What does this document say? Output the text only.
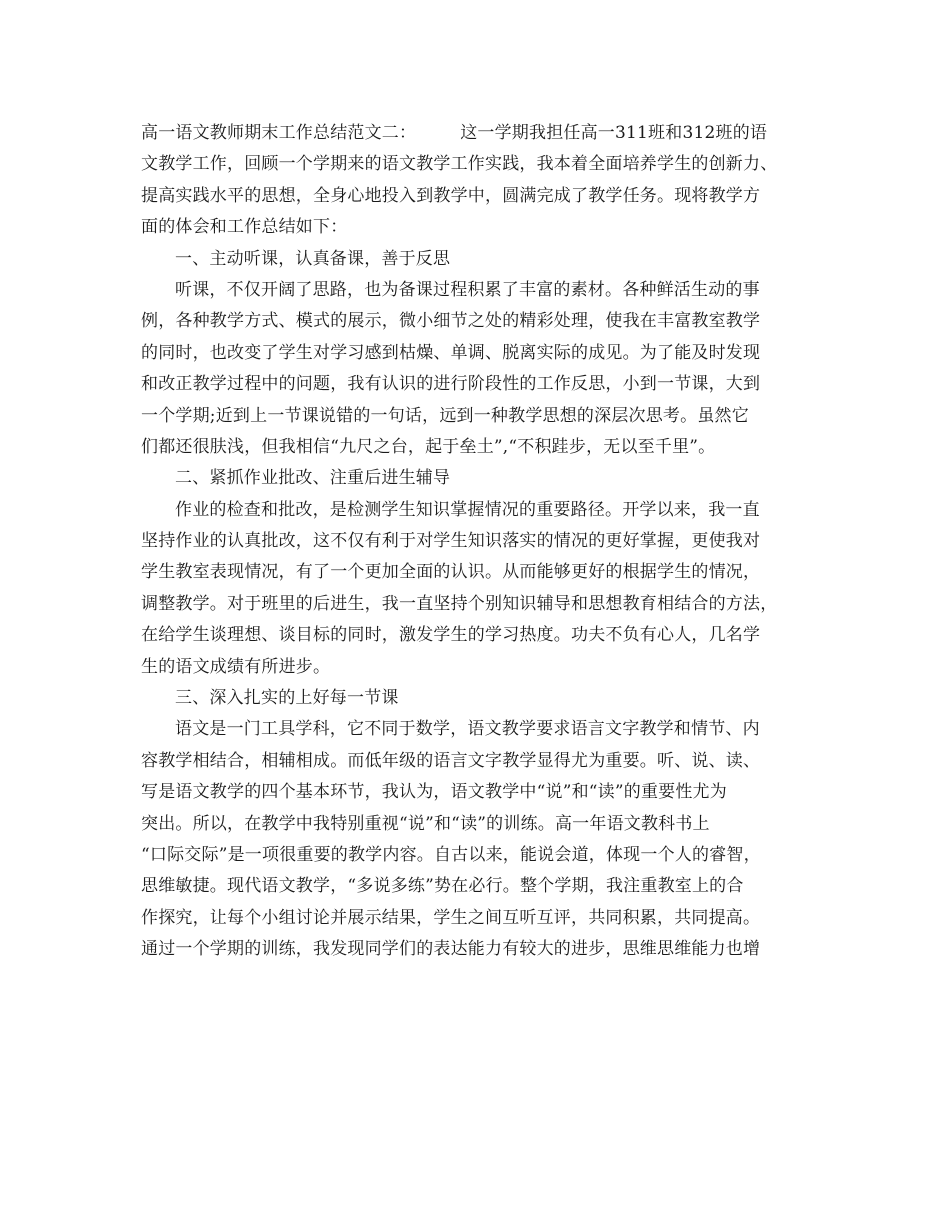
高一语文教师期末工作总结范文二：	这一学期我担任高一311班和312班的语
文教学工作，回顾一个学期来的语文教学工作实践，我本着全面培养学生的创新力、
提高实践水平的思想，全身心地投入到教学中，圆满完成了教学任务。现将教学方
面的体会和工作总结如下：
一、主动听课，认真备课，善于反思
听课，不仅开阔了思路，也为备课过程积累了丰富的素材。各种鲜活生动的事
例，各种教学方式、模式的展示，微小细节之处的精彩处理，使我在丰富教室教学
的同时，也改变了学生对学习感到枯燥、单调、脱离实际的成见。为了能及时发现
和改正教学过程中的问题，我有认识的进行阶段性的工作反思，小到一节课，大到
一个学期;近到上一节课说错的一句话，远到一种教学思想的深层次思考。虽然它
们都还很肤浅，但我相信“九尺之台，起于垒土”,“不积跬步，无以至千里”。
二、紧抓作业批改、注重后进生辅导
作业的检查和批改，是检测学生知识掌握情况的重要路径。开学以来，我一直
坚持作业的认真批改，这不仅有利于对学生知识落实的情况的更好掌握，更使我对
学生教室表现情况，有了一个更加全面的认识。从而能够更好的根据学生的情况，
调整教学。对于班里的后进生，我一直坚持个别知识辅导和思想教育相结合的方法，
在给学生谈理想、谈目标的同时，激发学生的学习热度。功夫不负有心人，几名学
生的语文成绩有所进步。
三、深入扎实的上好每一节课
语文是一门工具学科，它不同于数学，语文教学要求语言文字教学和情节、内
容教学相结合，相辅相成。而低年级的语言文字教学显得尤为重要。听、说、读、
写是语文教学的四个基本环节，我认为，语文教学中“说”和“读”的重要性尤为
突出。所以，在教学中我特别重视“说”和“读”的训练。高一年语文教科书上
“口际交际”是一项很重要的教学内容。自古以来，能说会道，体现一个人的睿智，
思维敏捷。现代语文教学，“多说多练”势在必行。整个学期，我注重教室上的合
作探究，让每个小组讨论并展示结果，学生之间互听互评，共同积累，共同提高。
通过一个学期的训练，我发现同学们的表达能力有较大的进步，思维思维能力也增
